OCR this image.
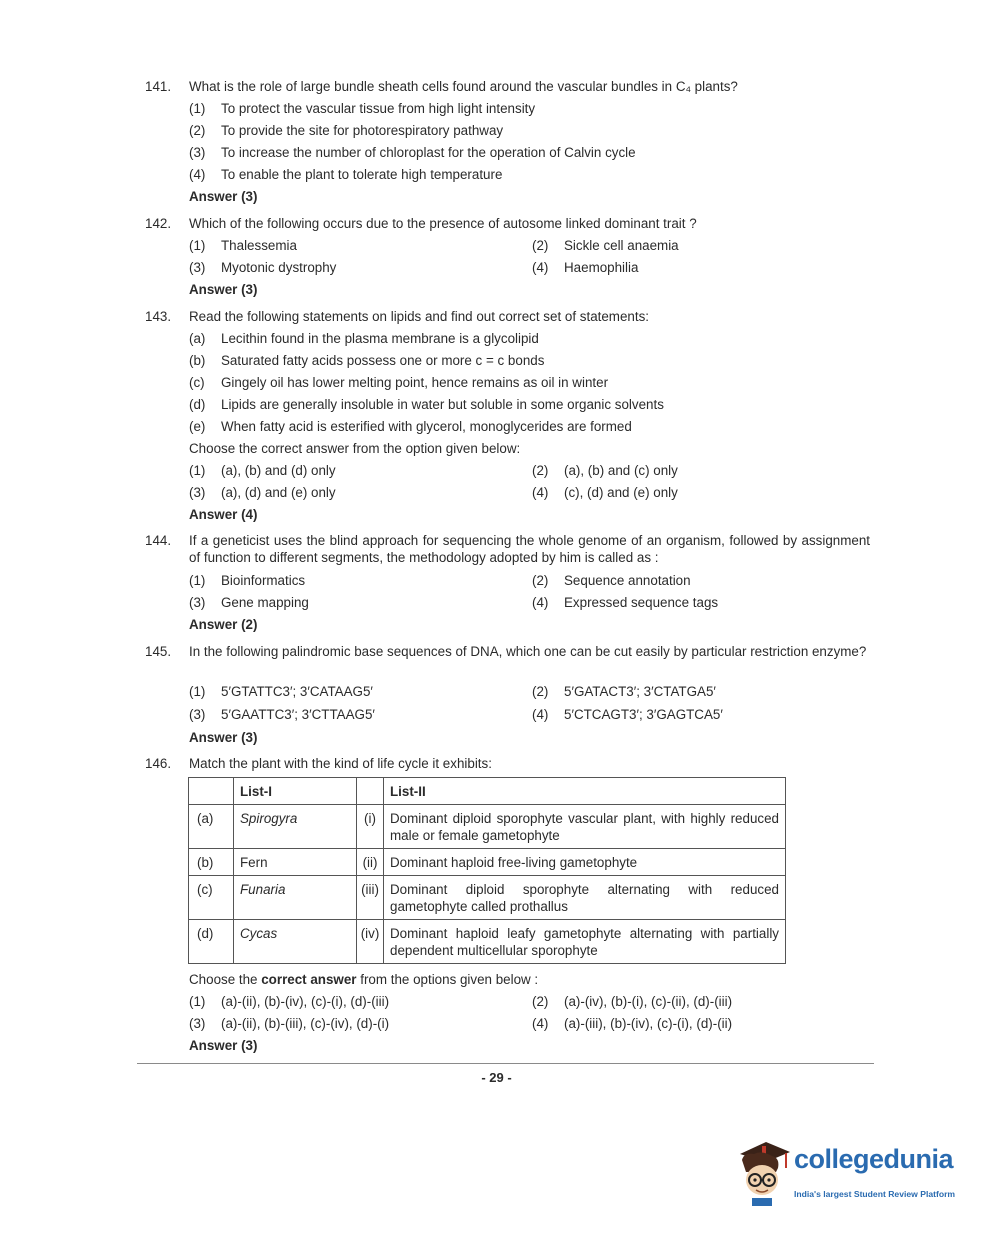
141.	What is the role of large bundle sheath cells found around the vascular bundles in C₄ plants?
(1) To protect the vascular tissue from high light intensity
(2) To provide the site for photorespiratory pathway
(3) To increase the number of chloroplast for the operation of Calvin cycle
(4) To enable the plant to tolerate high temperature
Answer (3)
142.	Which of the following occurs due to the presence of autosome linked dominant trait ?
(1) Thalessemia	(2) Sickle cell anaemia
(3) Myotonic dystrophy	(4) Haemophilia
Answer (3)
143.	Read the following statements on lipids and find out correct set of statements:
(a) Lecithin found in the plasma membrane is a glycolipid
(b) Saturated fatty acids possess one or more c = c bonds
(c) Gingely oil has lower melting point, hence remains as oil in winter
(d) Lipids are generally insoluble in water but soluble in some organic solvents
(e) When fatty acid is esterified with glycerol, monoglycerides are formed
Choose the correct answer from the option given below:
(1) (a), (b) and (d) only	(2) (a), (b) and (c) only
(3) (a), (d) and (e) only	(4) (c), (d) and (e) only
Answer (4)
144.	If a geneticist uses the blind approach for sequencing the whole genome of an organism, followed by assignment of function to different segments, the methodology adopted by him is called as :
(1) Bioinformatics	(2) Sequence annotation
(3) Gene mapping	(4) Expressed sequence tags
Answer (2)
145.	In the following palindromic base sequences of DNA, which one can be cut easily by particular restriction enzyme?
(1) 5′GTATTC3′; 3′CATAAG5′	(2) 5′GATACT3′; 3′CTATGA5′
(3) 5′GAATTC3′; 3′CTTAAG5′	(4) 5′CTCAGT3′; 3′GAGTCA5′
Answer (3)
146.	Match the plant with the kind of life cycle it exhibits:
	List-I		List-II
(a)	Spirogyra	(i)	Dominant diploid sporophyte vascular plant, with highly reduced male or female gametophyte
(b)	Fern	(ii)	Dominant haploid free-living gametophyte
(c)	Funaria	(iii)	Dominant diploid sporophyte alternating with reduced gametophyte called prothallus
(d)	Cycas	(iv)	Dominant haploid leafy gametophyte alternating with partially dependent multicellular sporophyte
Choose the correct answer from the options given below :
(1) (a)-(ii), (b)-(iv), (c)-(i), (d)-(iii)	(2) (a)-(iv), (b)-(i), (c)-(ii), (d)-(iii)
(3) (a)-(ii), (b)-(iii), (c)-(iv), (d)-(i)	(4) (a)-(iii), (b)-(iv), (c)-(i), (d)-(ii)
Answer (3)
- 29 -
collegedunia
India's largest Student Review Platform
